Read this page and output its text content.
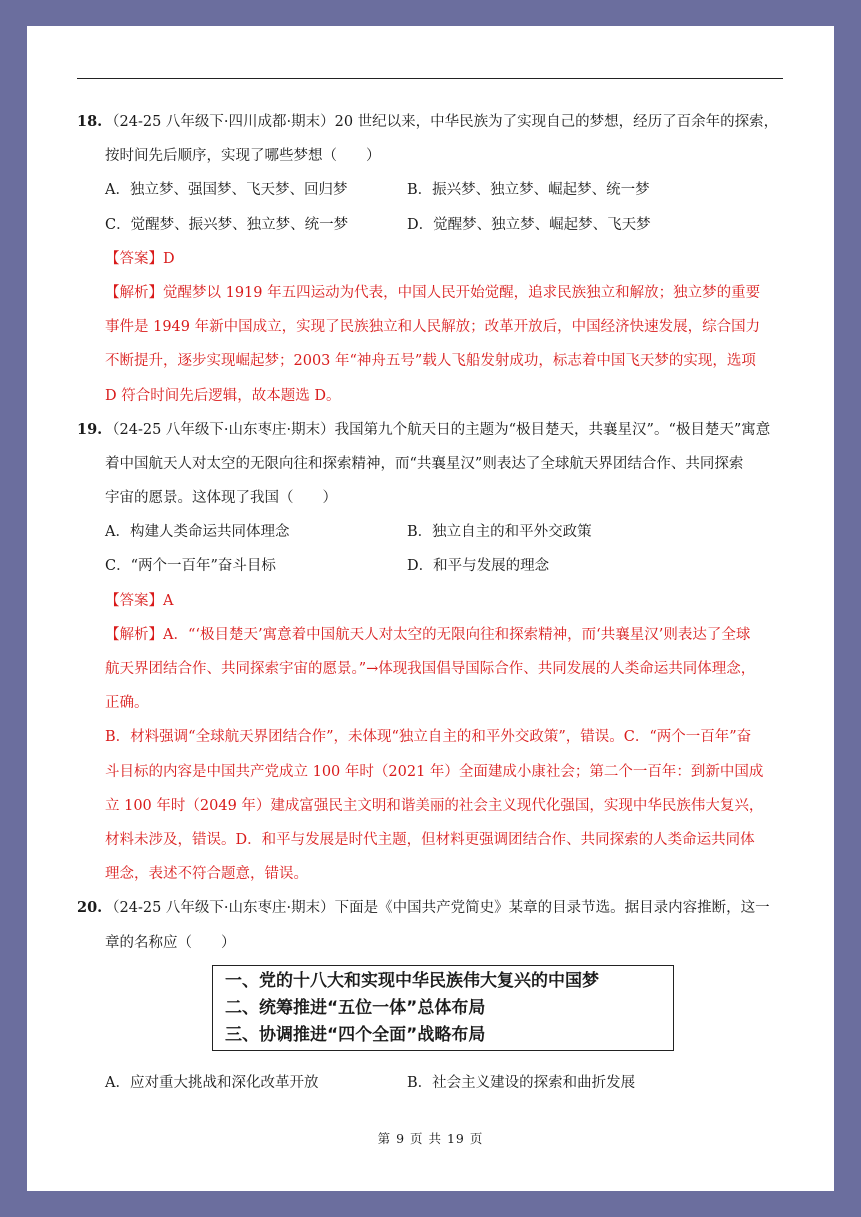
18. （24-25 八年级下·四川成都·期末）20 世纪以来，中华民族为了实现自己的梦想，经历了百余年的探索，
按时间先后顺序，实现了哪些梦想（　　）
A．独立梦、强国梦、飞天梦、回归梦	B．振兴梦、独立梦、崛起梦、统一梦
C．觉醒梦、振兴梦、独立梦、统一梦	D．觉醒梦、独立梦、崛起梦、飞天梦
【答案】D
【解析】觉醒梦以 1919 年五四运动为代表，中国人民开始觉醒，追求民族独立和解放；独立梦的重要
事件是 1949 年新中国成立，实现了民族独立和人民解放；改革开放后，中国经济快速发展，综合国力
不断提升，逐步实现崛起梦；2003 年“神舟五号”载人飞船发射成功，标志着中国飞天梦的实现，选项
D 符合时间先后逻辑，故本题选 D。
19. （24-25 八年级下·山东枣庄·期末）我国第九个航天日的主题为“极目楚天，共襄星汉”。“极目楚天”寓意
着中国航天人对太空的无限向往和探索精神，而“共襄星汉”则表达了全球航天界团结合作、共同探索
宇宙的愿景。这体现了我国（　　）
A．构建人类命运共同体理念	B．独立自主的和平外交政策
C．“两个一百年”奋斗目标	D．和平与发展的理念
【答案】A
【解析】A．“‘极目楚天’寓意着中国航天人对太空的无限向往和探索精神，而‘共襄星汉’则表达了全球
航天界团结合作、共同探索宇宙的愿景。”→体现我国倡导国际合作、共同发展的人类命运共同体理念，
正确。
B．材料强调“全球航天界团结合作”，未体现“独立自主的和平外交政策”，错误。C．“两个一百年”奋
斗目标的内容是中国共产党成立 100 年时（2021 年）全面建成小康社会；第二个一百年：到新中国成
立 100 年时（2049 年）建成富强民主文明和谐美丽的社会主义现代化强国，实现中华民族伟大复兴，
材料未涉及，错误。D．和平与发展是时代主题，但材料更强调团结合作、共同探索的人类命运共同体
理念，表述不符合题意，错误。
20. （24-25 八年级下·山东枣庄·期末）下面是《中国共产党简史》某章的目录节选。据目录内容推断，这一
章的名称应（　　）
一、党的十八大和实现中华民族伟大复兴的中国梦
二、统筹推进“五位一体”总体布局
三、协调推进“四个全面”战略布局
A．应对重大挑战和深化改革开放	B．社会主义建设的探索和曲折发展
第 9 页 共 19 页
